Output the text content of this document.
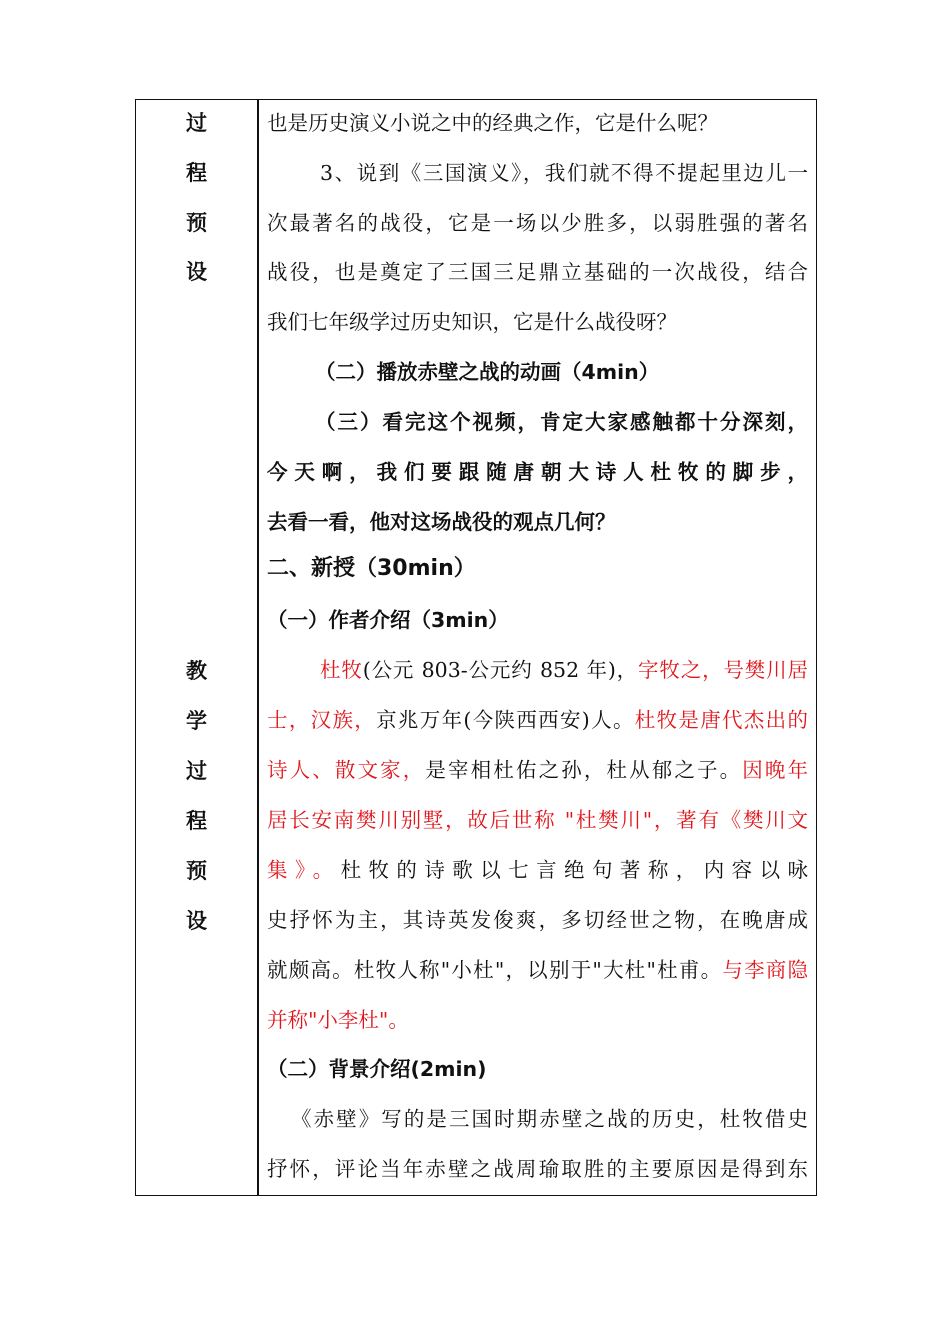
过
程
预
设
教
学
过
程
预
设
也是历史演义小说之中的经典之作，它是什么呢？
3、说到《三国演义》，我们就不得不提起里边儿一
次最著名的战役，它是一场以少胜多，以弱胜强的著名
战役，也是奠定了三国三足鼎立基础的一次战役，结合
我们七年级学过历史知识，它是什么战役呀？
（二）播放赤壁之战的动画（4min）
（三）看完这个视频，肯定大家感触都十分深刻，
今天啊，我们要跟随唐朝大诗人杜牧的脚步，
去看一看，他对这场战役的观点几何？
二、新授（30min）
（一）作者介绍（3min）
杜牧(公元 803-公元约 852 年)，字牧之，号樊川居
士，汉族，京兆万年(今陕西西安)人。杜牧是唐代杰出的
诗人、散文家，是宰相杜佑之孙，杜从郁之子。因晚年
居长安南樊川别墅，故后世称 "杜樊川"，著有《樊川文
集》。杜牧的诗歌以七言绝句著称，内容以咏
史抒怀为主，其诗英发俊爽，多切经世之物，在晚唐成
就颇高。杜牧人称"小杜"，以别于"大杜"杜甫。与李商隐
并称"小李杜"。
（二）背景介绍(2min)
《赤壁》写的是三国时期赤壁之战的历史，杜牧借史
抒怀，评论当年赤壁之战周瑜取胜的主要原因是得到东
